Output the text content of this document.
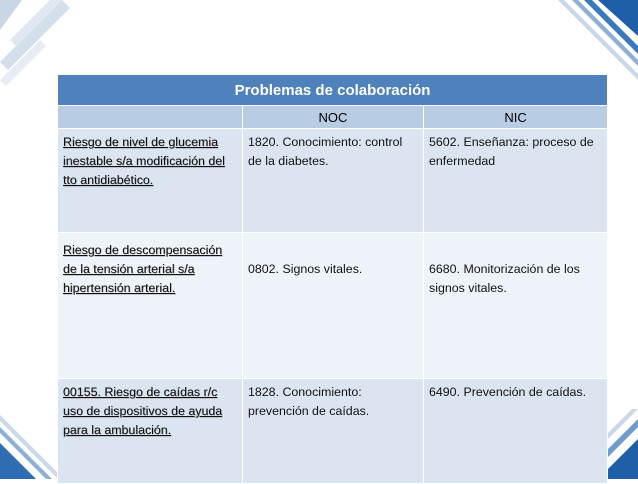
Problemas de colaboración		
	NOC	NIC
Riesgo de nivel de glucemia inestable s/a modificación del tto antidiabético.	1820. Conocimiento: control de la diabetes.	5602. Enseñanza: proceso de enfermedad
Riesgo de descompensación de la tensión arterial s/a hipertensión arterial.	0802. Signos vitales.	6680. Monitorización de los signos vitales.
00155. Riesgo de caídas r/c uso de dispositivos de ayuda para la ambulación.	1828. Conocimiento: prevención de caídas.	6490. Prevención de caídas.
